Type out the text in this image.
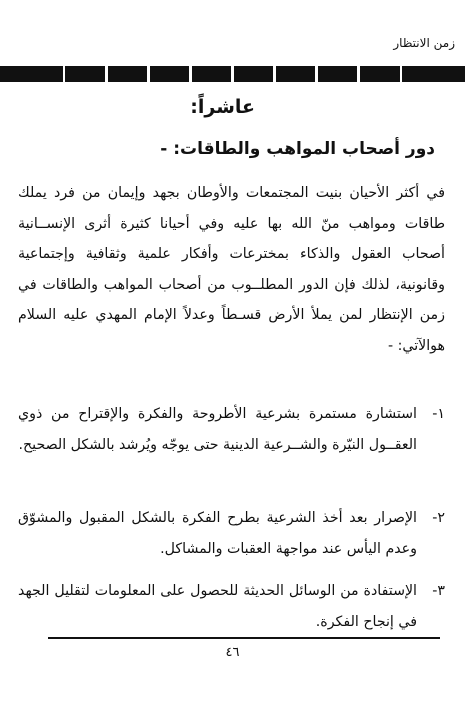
زمن الانتظار
عاشراً:
دور أصحاب المواهب والطاقات: -
في أكثر الأحيان بنيت المجتمعات والأوطان بجهد وإيمان من فرد يملك طاقات ومواهب منّ الله بها عليه وفي أحيانا كثيرة أثرى الإنســانية أصحاب العقول والذكاء بمخترعات وأفكار علمية وثقافية وإجتماعية وقانونية، لذلك فإن الدور المطلــوب من أصحاب المواهب والطاقات في زمن الإنتظار لمن يملأ الأرض قسـطاً وعدلاً الإمام المهدي عليه السلام هوالآتي: -
١-
استشارة مستمرة بشرعية الأطروحة والفكرة والإقتراح من ذوي العقــول النيّرة والشــرعية الدينية حتى يوجّه ويُرشد بالشكل الصحيح.
٢-
الإصرار بعد أخذ الشرعية بطرح الفكرة بالشكل المقبول والمشوّق وعدم اليأس عند مواجهة العقبات والمشاكل.
٣-
الإستفادة من الوسائل الحديثة للحصول على المعلومات لتقليل الجهد في إنجاح الفكرة.
٤٦
